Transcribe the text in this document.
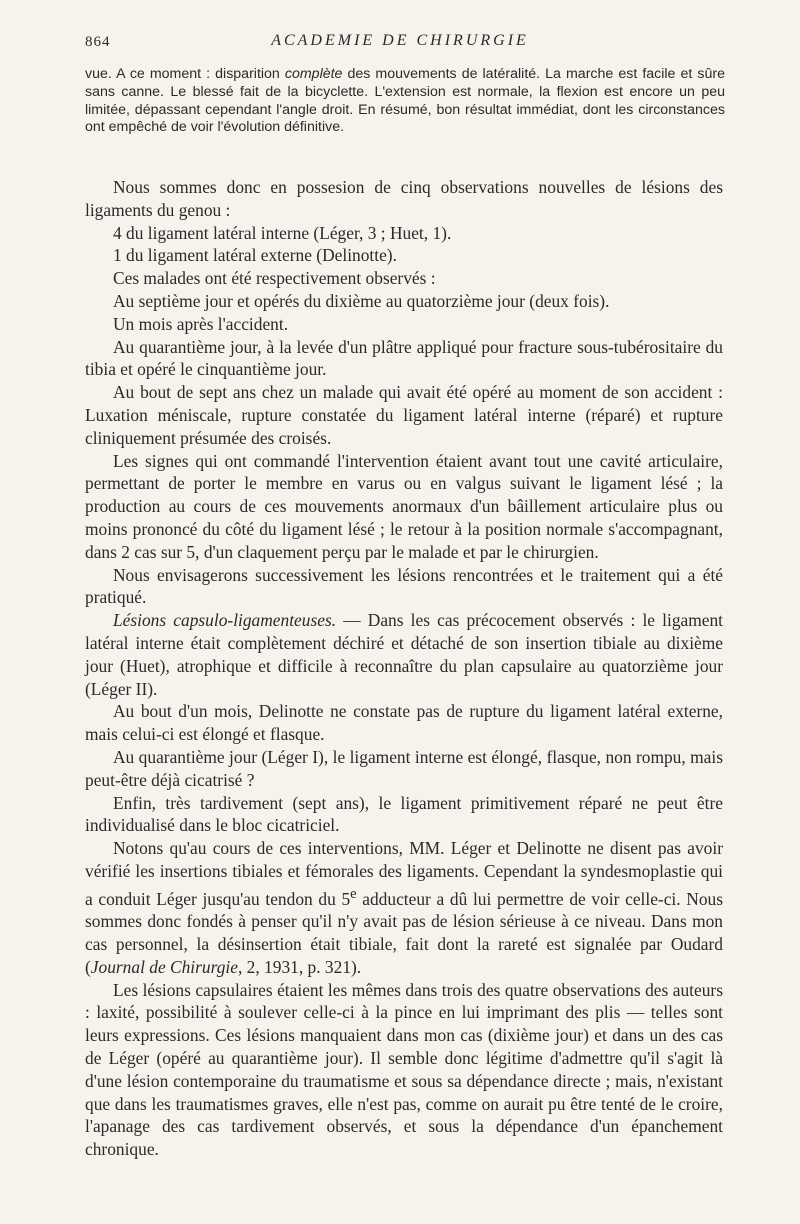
864	ACADEMIE DE CHIRURGIE

vue. A ce moment : disparition complète des mouvements de latéralité. La marche est facile et sûre sans canne. Le blessé fait de la bicyclette. L'extension est normale, la flexion est encore un peu limitée, dépassant cependant l'angle droit. En résumé, bon résultat immédiat, dont les circonstances ont empêché de voir l'évolution définitive.

Nous sommes donc en possesion de cinq observations nouvelles de lésions des ligaments du genou :

4 du ligament latéral interne (Léger, 3 ; Huet, 1).

1 du ligament latéral externe (Delinotte).

Ces malades ont été respectivement observés :

Au septième jour et opérés du dixième au quatorzième jour (deux fois).

Un mois après l'accident.

Au quarantième jour, à la levée d'un plâtre appliqué pour fracture sous-tubérositaire du tibia et opéré le cinquantième jour.

Au bout de sept ans chez un malade qui avait été opéré au moment de son accident : Luxation méniscale, rupture constatée du ligament latéral interne (réparé) et rupture cliniquement présumée des croisés.

Les signes qui ont commandé l'intervention étaient avant tout une cavité articulaire, permettant de porter le membre en varus ou en valgus suivant le ligament lésé ; la production au cours de ces mouvements anormaux d'un bâillement articulaire plus ou moins prononcé du côté du ligament lésé ; le retour à la position normale s'accompagnant, dans 2 cas sur 5, d'un claquement perçu par le malade et par le chirurgien.

Nous envisagerons successivement les lésions rencontrées et le traitement qui a été pratiqué.

Lésions capsulo-ligamenteuses. — Dans les cas précocement observés : le ligament latéral interne était complètement déchiré et détaché de son insertion tibiale au dixième jour (Huet), atrophique et difficile à reconnaître du plan capsulaire au quatorzième jour (Léger II).

Au bout d'un mois, Delinotte ne constate pas de rupture du ligament latéral externe, mais celui-ci est élongé et flasque.

Au quarantième jour (Léger I), le ligament interne est élongé, flasque, non rompu, mais peut-être déjà cicatrisé ?

Enfin, très tardivement (sept ans), le ligament primitivement réparé ne peut être individualisé dans le bloc cicatriciel.

Notons qu'au cours de ces interventions, MM. Léger et Delinotte ne disent pas avoir vérifié les insertions tibiales et fémorales des ligaments. Cependant la syndesmoplastie qui a conduit Léger jusqu'au tendon du 5e adducteur a dû lui permettre de voir celle-ci. Nous sommes donc fondés à penser qu'il n'y avait pas de lésion sérieuse à ce niveau. Dans mon cas personnel, la désinsertion était tibiale, fait dont la rareté est signalée par Oudard (Journal de Chirurgie, 2, 1931, p. 321).

Les lésions capsulaires étaient les mêmes dans trois des quatre observations des auteurs : laxité, possibilité à soulever celle-ci à la pince en lui imprimant des plis — telles sont leurs expressions. Ces lésions manquaient dans mon cas (dixième jour) et dans un des cas de Léger (opéré au quarantième jour). Il semble donc légitime d'admettre qu'il s'agit là d'une lésion contemporaine du traumatisme et sous sa dépendance directe ; mais, n'existant que dans les traumatismes graves, elle n'est pas, comme on aurait pu être tenté de le croire, l'apanage des cas tardivement observés, et sous la dépendance d'un épanchement chronique.
